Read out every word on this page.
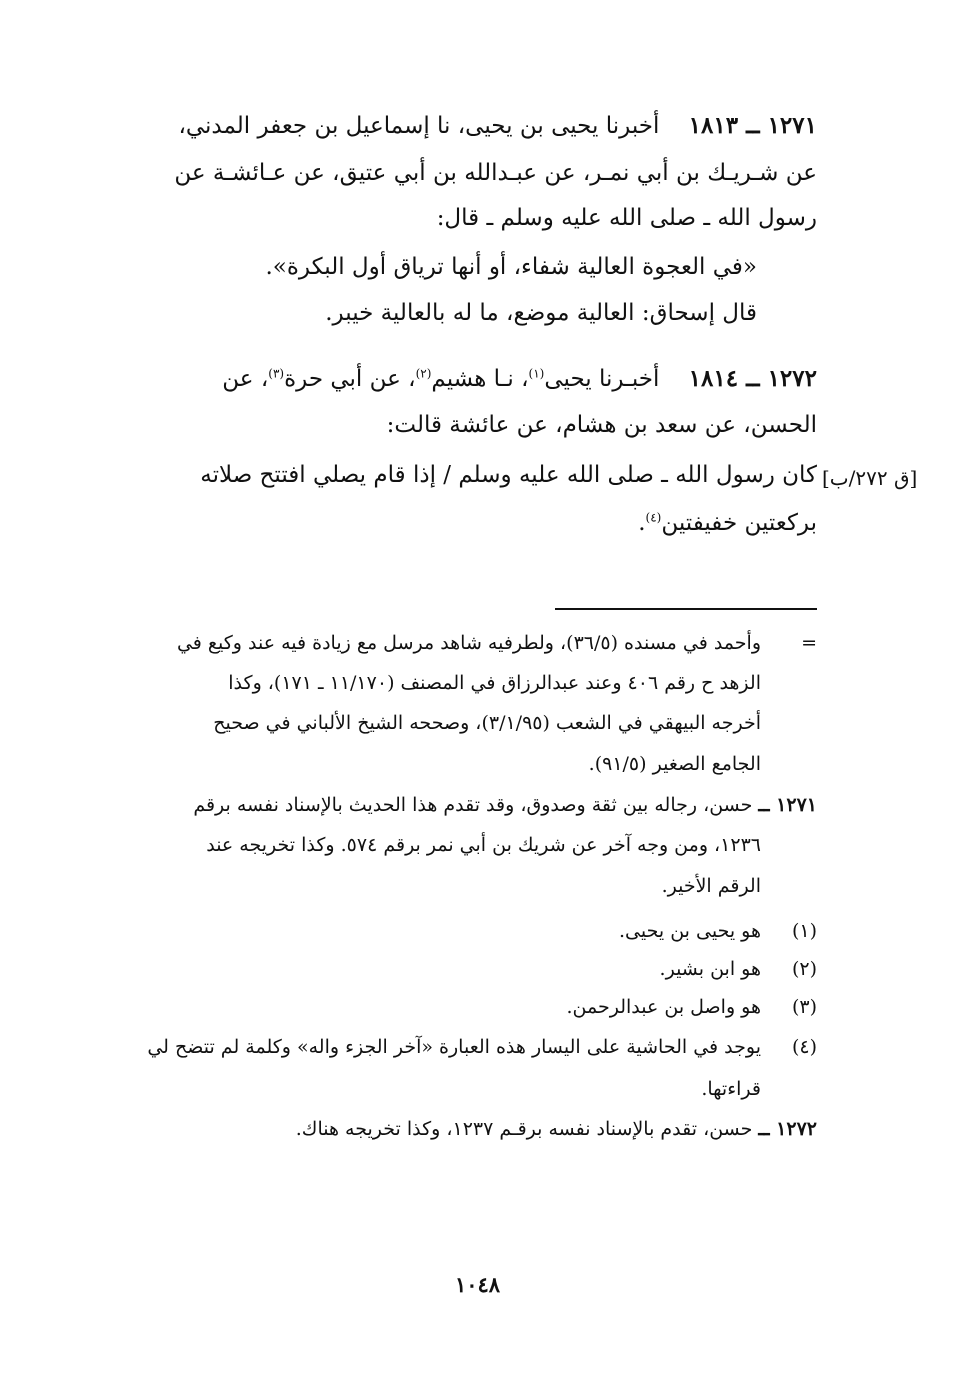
١٢٧١ ــ ١٨١٣    أخبرنا يحيى بن يحيى، نا إسماعيل بن جعفر المدني،
عن شـريـك بن أبي نمـر، عن عبـدالله بن أبي عتيق، عن عـائشـة عن
رسول الله ـ صلى الله عليه وسلم ـ قال:
«في العجوة العالية شفاء، أو أنها ترياق أول البكرة».
قال إسحاق: العالية موضع، ما له بالعالية خيبر.
١٢٧٢ ــ ١٨١٤    أخبـرنا يحيى$^{(١)}$، نـا هشيم$^{(٢)}$، عن أبي حرة$^{(٣)}$، عن
الحسن، عن سعد بن هشام، عن عائشة قالت:
كان رسول الله ـ صلى الله عليه وسلم / إذا قام يصلي افتتح صلاته
بركعتين خفيفتين$^{(٤)}$.
[ق ٢٧٢/ب]
=وأحمد في مسنده (٣٦/٥)، ولطرفيه شاهد مرسل مع زيادة فيه عند وكيع في
الزهد ح رقم ٤٠٦ وعند عبدالرزاق في المصنف (١١/١٧٠ ـ ١٧١)، وكذا
أخرجه البيهقي في الشعب (٣/١/٩٥)، وصححه الشيخ الألباني في صحيح
الجامع الصغير (٩١/٥).
١٢٧١ ــ حسن، رجاله بين ثقة وصدوق، وقد تقدم هذا الحديث بالإسناد نفسه برقم
١٢٣٦، ومن وجه آخر عن شريك بن أبي نمر برقم ٥٧٤. وكذا تخريجه عند
الرقم الأخير.
(١)هو يحيى بن يحيى.
(٢)هو ابن بشير.
(٣)هو واصل بن عبدالرحمن.
(٤)يوجد في الحاشية على اليسار هذه العبارة «آخر الجزء واله» وكلمة لم تتضح لي
قراءتها.
١٢٧٢ ــ حسن، تقدم بالإسناد نفسه برقـم ١٢٣٧، وكذا تخريجه هناك.
١٠٤٨
